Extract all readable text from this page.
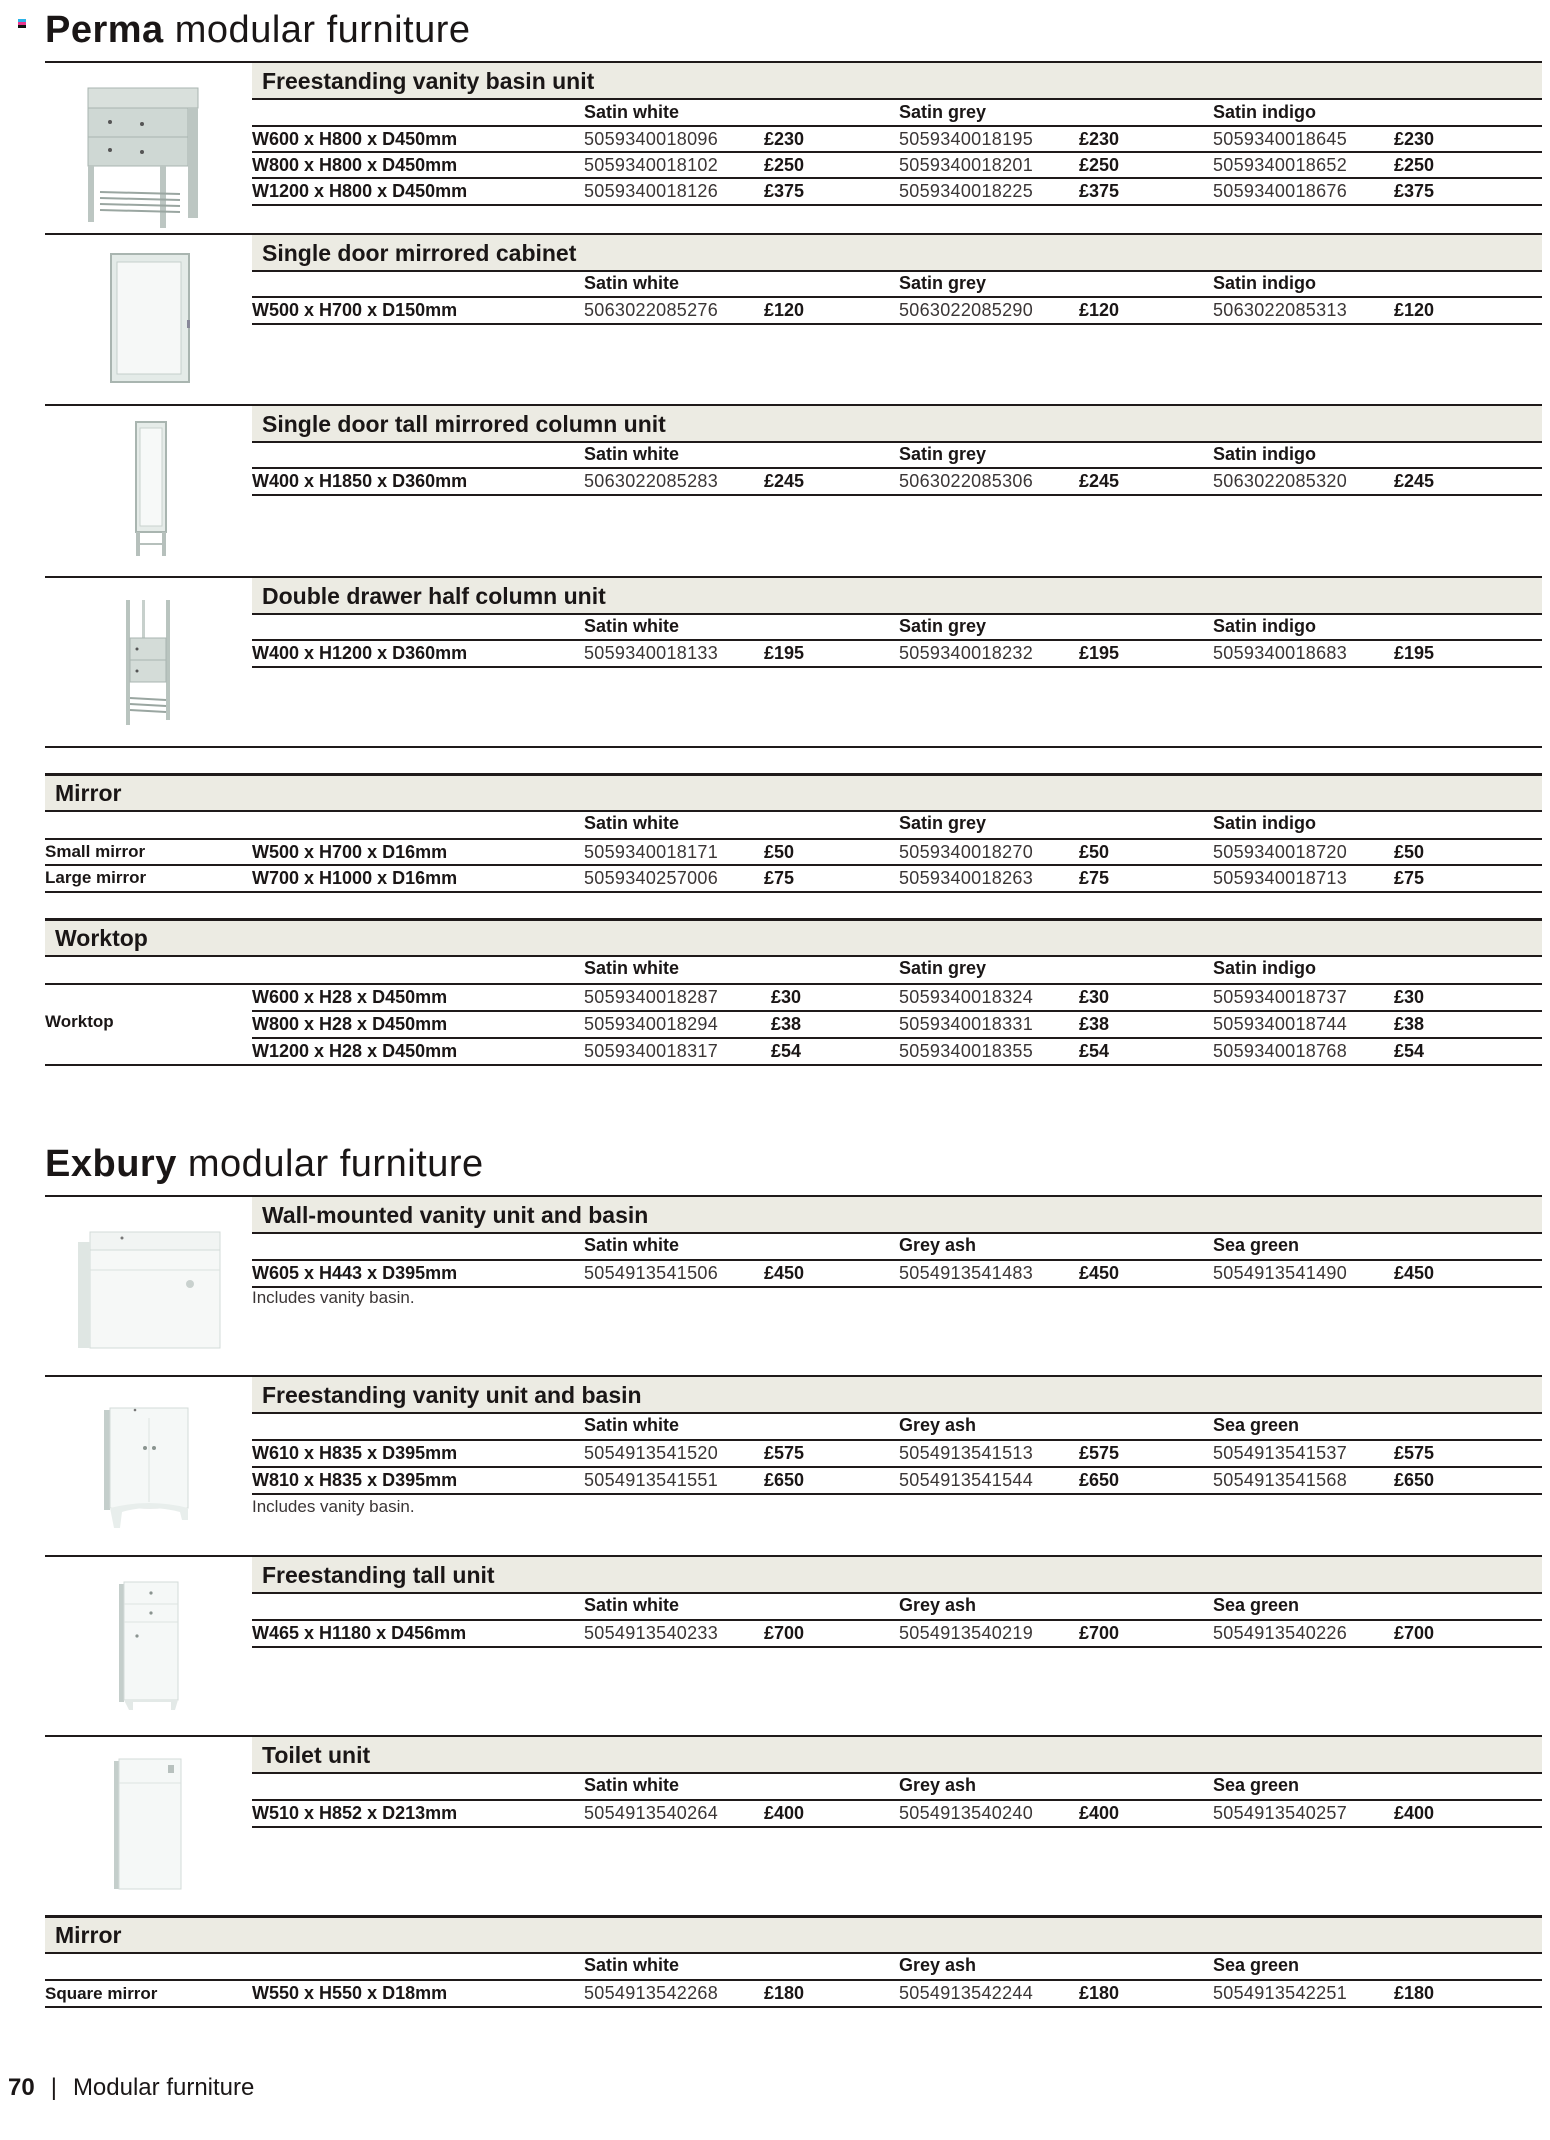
Perma modular furniture
Freestanding vanity basin unit
Satin white	Satin grey	Satin indigo
W600 x H800 x D450mm	5059340018096	£230	5059340018195	£230	5059340018645	£230
W800 x H800 x D450mm	5059340018102	£250	5059340018201	£250	5059340018652	£250
W1200 x H800 x D450mm	5059340018126	£375	5059340018225	£375	5059340018676	£375
Single door mirrored cabinet
Satin white	Satin grey	Satin indigo
W500 x H700 x D150mm	5063022085276	£120	5063022085290	£120	5063022085313	£120
Single door tall mirrored column unit
Satin white	Satin grey	Satin indigo
W400 x H1850 x D360mm	5063022085283	£245	5063022085306	£245	5063022085320	£245
Double drawer half column unit
Satin white	Satin grey	Satin indigo
W400 x H1200 x D360mm	5059340018133	£195	5059340018232	£195	5059340018683	£195
Mirror
Satin white	Satin grey	Satin indigo
Small mirror	W500 x H700 x D16mm	5059340018171	£50	5059340018270	£50	5059340018720	£50
Large mirror	W700 x H1000 x D16mm	5059340257006	£75	5059340018263	£75	5059340018713	£75
Worktop
Satin white	Satin grey	Satin indigo
Worktop
W600 x H28 x D450mm	5059340018287	£30	5059340018324	£30	5059340018737	£30
W800 x H28 x D450mm	5059340018294	£38	5059340018331	£38	5059340018744	£38
W1200 x H28 x D450mm	5059340018317	£54	5059340018355	£54	5059340018768	£54
Exbury modular furniture
Wall-mounted vanity unit and basin
Satin white	Grey ash	Sea green
W605 x H443 x D395mm	5054913541506	£450	5054913541483	£450	5054913541490	£450
Includes vanity basin.
Freestanding vanity unit and basin
Satin white	Grey ash	Sea green
W610 x H835 x D395mm	5054913541520	£575	5054913541513	£575	5054913541537	£575
W810 x H835 x D395mm	5054913541551	£650	5054913541544	£650	5054913541568	£650
Includes vanity basin.
Freestanding tall unit
Satin white	Grey ash	Sea green
W465 x H1180 x D456mm	5054913540233	£700	5054913540219	£700	5054913540226	£700
Toilet unit
Satin white	Grey ash	Sea green
W510 x H852 x D213mm	5054913540264	£400	5054913540240	£400	5054913540257	£400
Mirror
Satin white	Grey ash	Sea green
Square mirror	W550 x H550 x D18mm	5054913542268	£180	5054913542244	£180	5054913542251	£180
70 | Modular furniture
